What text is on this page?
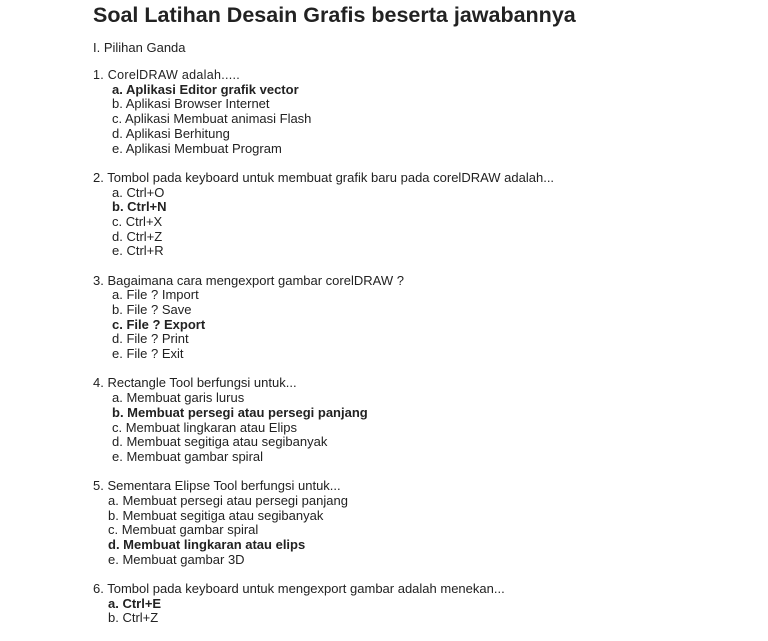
Soal Latihan Desain Grafis beserta jawabannya
I. Pilihan Ganda
1. CorelDRAW adalah.....
a. Aplikasi Editor grafik vector
b. Aplikasi Browser Internet
c. Aplikasi Membuat animasi Flash
d. Aplikasi Berhitung
e. Aplikasi Membuat Program
2. Tombol pada keyboard untuk membuat grafik baru pada corelDRAW adalah...
a. Ctrl+O
b. Ctrl+N
c. Ctrl+X
d. Ctrl+Z
e. Ctrl+R
3. Bagaimana cara mengexport gambar corelDRAW ?
a. File ? Import
b. File ? Save
c. File ? Export
d. File ? Print
e. File ? Exit
4. Rectangle Tool berfungsi untuk...
a. Membuat garis lurus
b. Membuat persegi atau persegi panjang
c. Membuat lingkaran atau Elips
d. Membuat segitiga atau segibanyak
e. Membuat gambar spiral
5. Sementara Elipse Tool berfungsi untuk...
a. Membuat persegi atau persegi panjang
b. Membuat segitiga atau segibanyak
c. Membuat gambar spiral
d. Membuat lingkaran atau elips
e. Membuat gambar 3D
6. Tombol pada keyboard untuk mengexport gambar adalah menekan...
a. Ctrl+E
b. Ctrl+Z
